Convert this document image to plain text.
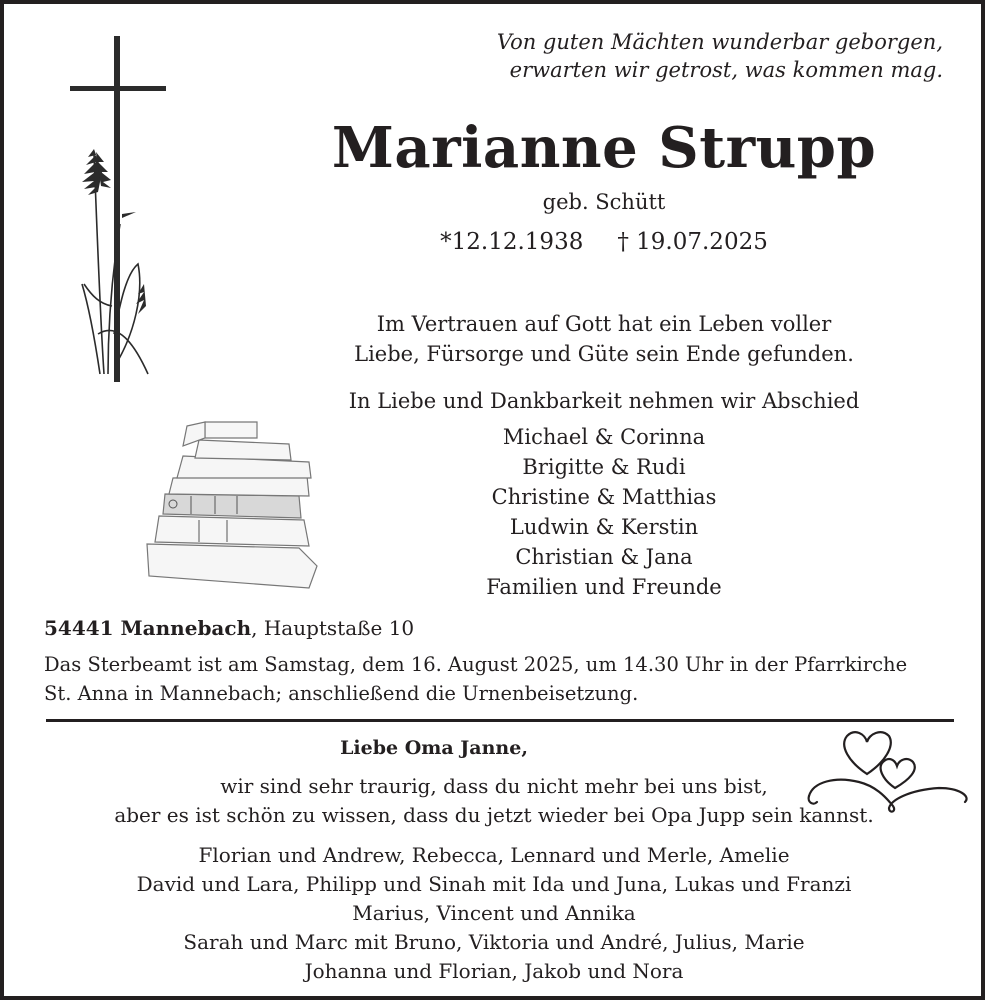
Von guten Mächten wunderbar geborgen,
erwarten wir getrost, was kommen mag.
Marianne Strupp
geb. Schütt
*12.12.1938 † 19.07.2025
Im Vertrauen auf Gott hat ein Leben voller
Liebe, Fürsorge und Güte sein Ende gefunden.
In Liebe und Dankbarkeit nehmen wir Abschied
Michael & Corinna
Brigitte & Rudi
Christine & Matthias
Ludwin & Kerstin
Christian & Jana
Familien und Freunde
54441 Mannebach, Hauptstaße 10
Das Sterbeamt ist am Samstag, dem 16. August 2025, um 14.30 Uhr in der Pfarrkirche
St. Anna in Mannebach; anschließend die Urnenbeisetzung.
Liebe Oma Janne,
wir sind sehr traurig, dass du nicht mehr bei uns bist,
aber es ist schön zu wissen, dass du jetzt wieder bei Opa Jupp sein kannst.
Florian und Andrew, Rebecca, Lennard und Merle, Amelie
David und Lara, Philipp und Sinah mit Ida und Juna, Lukas und Franzi
Marius, Vincent und Annika
Sarah und Marc mit Bruno, Viktoria und André, Julius, Marie
Johanna und Florian, Jakob und Nora
